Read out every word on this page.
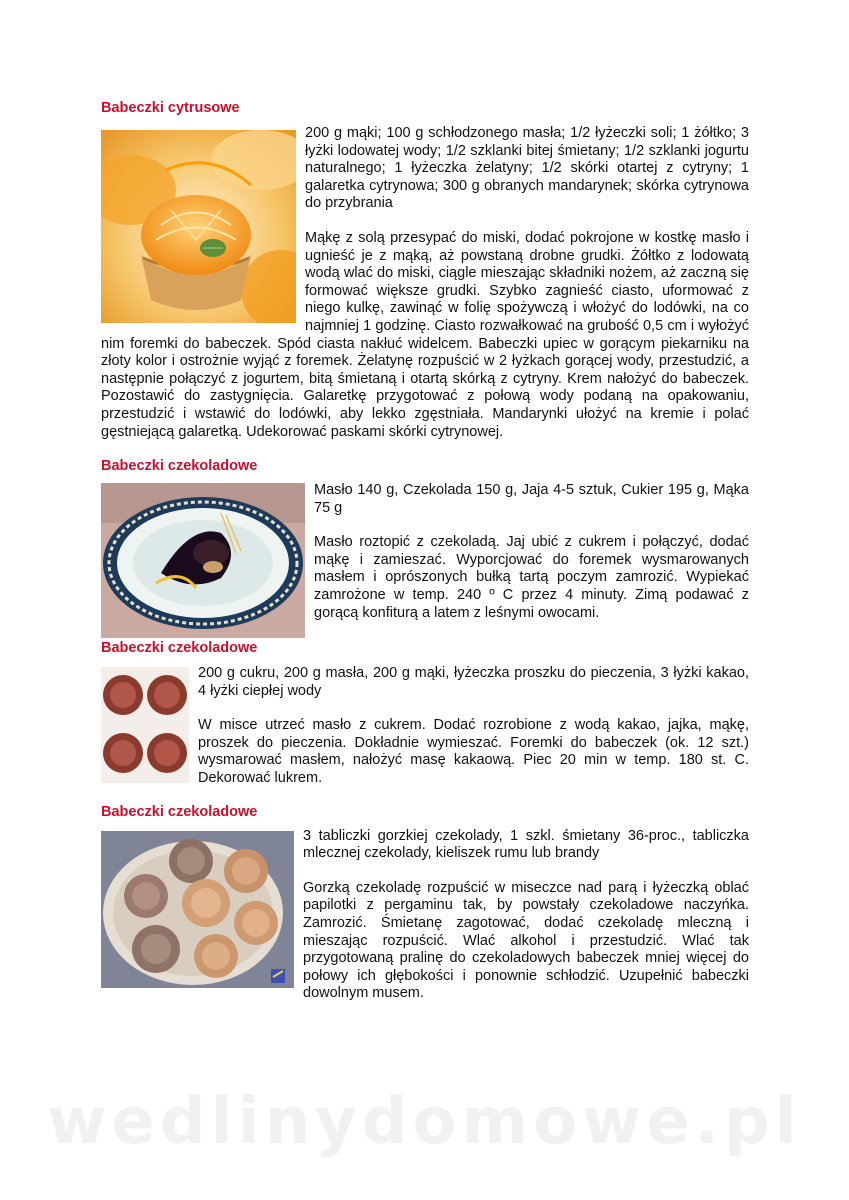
Babeczki cytrusowe

200 g mąki; 100 g schłodzonego masła; 1/2 łyżeczki soli; 1 żółtko; 3 łyżki lodowatej wody; 1/2 szklanki bitej śmietany; 1/2 szklanki jogurtu naturalnego; 1 łyżeczka żelatyny; 1/2 skórki otartej z cytryny; 1 galaretka cytrynowa; 300 g obranych mandarynek; skórka cytrynowa do przybrania

Mąkę z solą przesypać do miski, dodać pokrojone w kostkę masło i ugnieść je z mąką, aż powstaną drobne grudki. Żółtko z lodowatą wodą wlać do miski, ciągle mieszając składniki nożem, aż zaczną się formować większe grudki. Szybko zagnieść ciasto, uformować z niego kulkę, zawinąć w folię spożywczą i włożyć do lodówki, na co najmniej 1 godzinę. Ciasto rozwałkować na grubość 0,5 cm i wyłożyć nim foremki do babeczek. Spód ciasta nakłuć widelcem. Babeczki upiec w gorącym piekarniku na złoty kolor i ostrożnie wyjąć z foremek. Żelatynę rozpuścić w 2 łyżkach gorącej wody, przestudzić, a następnie połączyć z jogurtem, bitą śmietaną i otartą skórką z cytryny. Krem nałożyć do babeczek. Pozostawić do zastygnięcia. Galaretkę przygotować z połową wody podaną na opakowaniu, przestudzić i wstawić do lodówki, aby lekko zgęstniała. Mandarynki ułożyć na kremie i polać gęstniejącą galaretką. Udekorować paskami skórki cytrynowej.

Babeczki czekoladowe

Masło 140 g, Czekolada 150 g, Jaja 4-5 sztuk, Cukier 195 g, Mąka 75 g

Masło roztopić z czekoladą. Jaj ubić z cukrem i połączyć, dodać mąkę i zamieszać. Wyporcjować do foremek wysmarowanych masłem i oprószonych bułką tartą poczym zamrozić. Wypiekać zamrożone w temp. 240 º C przez 4 minuty. Zimą podawać z gorącą konfiturą a latem z leśnymi owocami.

Babeczki czekoladowe

200 g cukru, 200 g masła, 200 g mąki, łyżeczka proszku do pieczenia, 3 łyżki kakao, 4 łyżki ciepłej wody

W misce utrzeć masło z cukrem. Dodać rozrobione z wodą kakao, jajka, mąkę, proszek do pieczenia. Dokładnie wymieszać. Foremki do babeczek (ok. 12 szt.) wysmarować masłem, nałożyć masę kakaową. Piec 20 min w temp. 180 st. C. Dekorować lukrem.

Babeczki czekoladowe

3 tabliczki gorzkiej czekolady, 1 szkl. śmietany 36-proc., tabliczka mlecznej czekolady, kieliszek rumu lub brandy

Gorzką czekoladę rozpuścić w miseczce nad parą i łyżeczką oblać papilotki z pergaminu tak, by powstały czekoladowe naczyńka. Zamrozić. Śmietanę zagotować, dodać czekoladę mleczną i mieszając rozpuścić. Wlać alkohol i przestudzić. Wlać tak przygotowaną pralinę do czekoladowych babeczek mniej więcej do połowy ich głębokości i ponownie schłodzić. Uzupełnić babeczki dowolnym musem.

wedlinydomowe.pl
